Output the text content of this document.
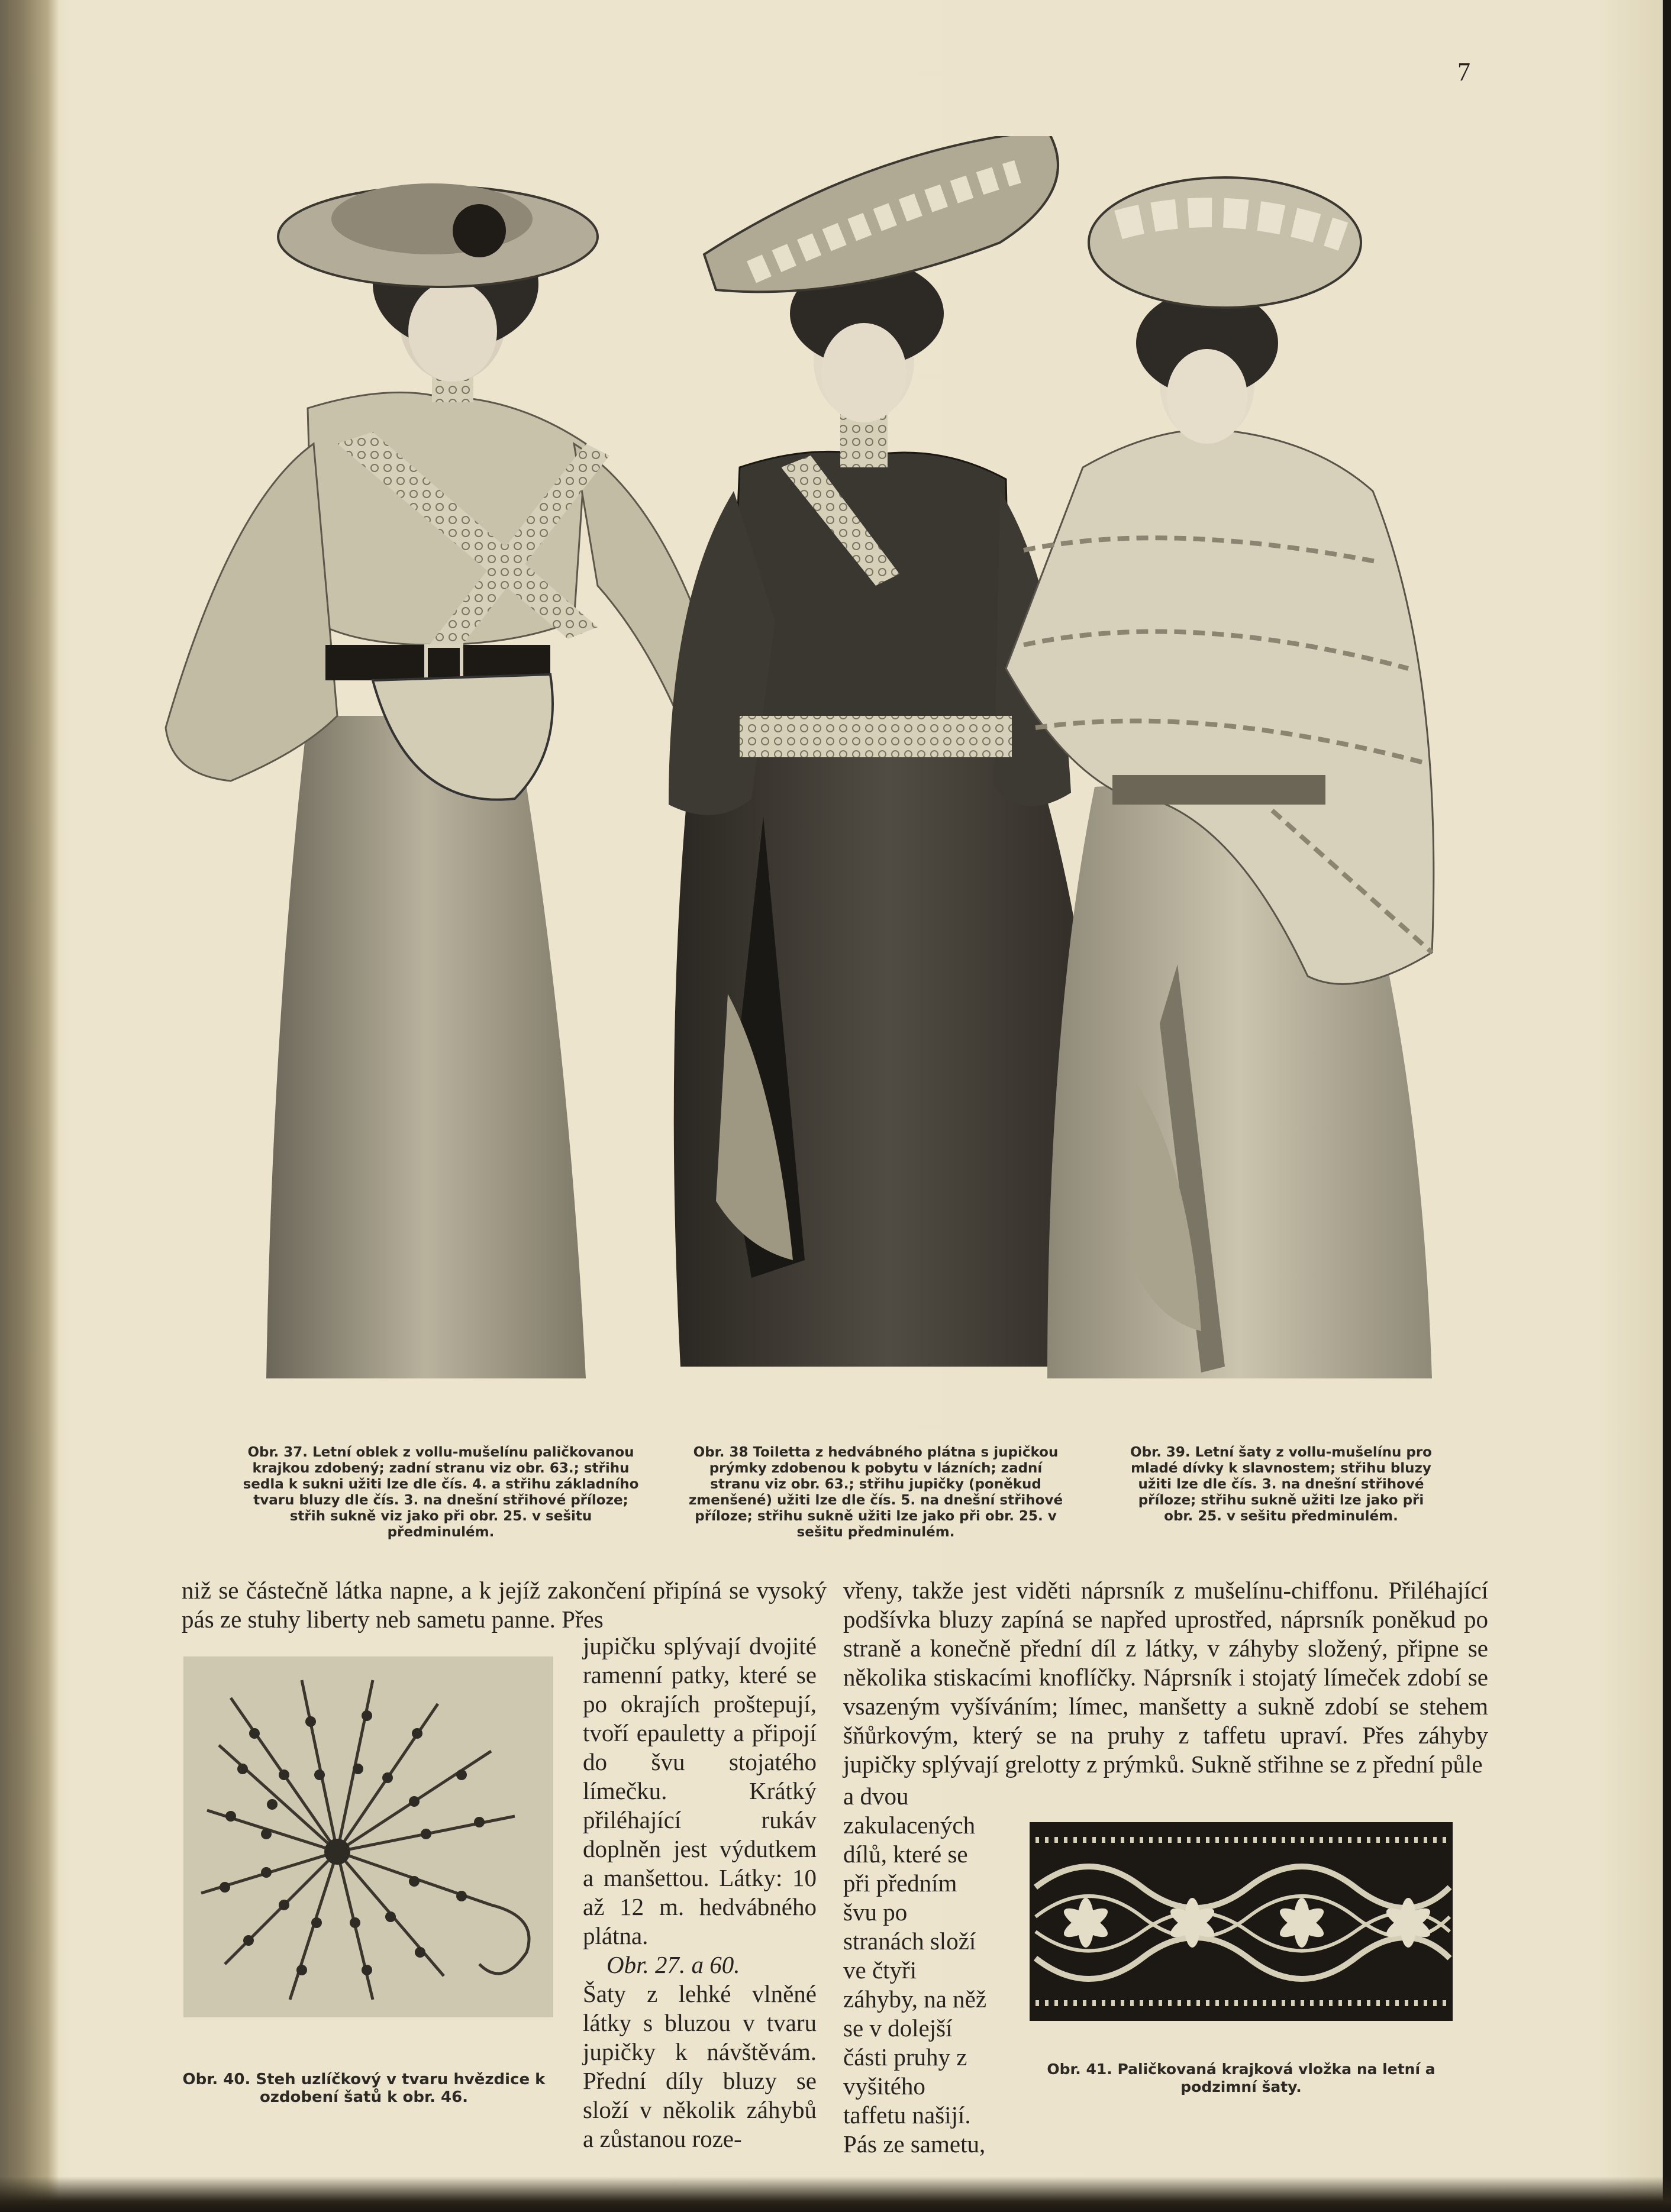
7
Obr. 37. Letní oblek z vollu-mušelínu paličkovanou krajkou zdobený; zadní stranu viz obr. 63.; střihu sedla k sukni užiti lze dle čís. 4. a střihu základního tvaru bluzy dle čís. 3. na dnešní střihové příloze; střih sukně viz jako při obr. 25. v sešitu předminulém.
Obr. 38 Toiletta z hedvábného plátna s jupičkou prýmky zdobenou k pobytu v lázních; zadní stranu viz obr. 63.; střihu jupičky (poněkud zmenšené) užiti lze dle čís. 5. na dnešní střihové příloze; střihu sukně užiti lze jako při obr. 25. v sešitu předminulém.
Obr. 39. Letní šaty z vollu-mušelínu pro mladé dívky k slavnostem; střihu bluzy užiti lze dle čís. 3. na dnešní střihové příloze; střihu sukně užiti lze jako při obr. 25. v sešitu předminulém.

niž se částečně látka napne, a k jejíž zakončení připíná se vysoký pás ze stuhy liberty neb sametu panne. Přes

jupičku splývají dvojité ramenní patky, které se po okrajích proštepují, tvoří epauletty a připojí do švu stojatého límečku. Krátký přiléhající rukáv doplněn jest výdutkem a manšettou. Látky: 10 až 12 m. hedvábného plátna.

Obr. 27. a 60.

Šaty z lehké vlněné látky s bluzou v tvaru jupičky k návštěvám. Přední díly bluzy se složí v několik záhybů a zůstanou roze-

vřeny, takže jest viděti náprsník z mušelínu-chiffonu. Přiléhající podšívka bluzy zapíná se napřed uprostřed, náprsník poněkud po straně a konečně přední díl z látky, v záhyby složený, připne se několika stiskacími knoflíčky. Náprsník i stojatý límeček zdobí se vsazeným vyšíváním; límec, manšetty a sukně zdobí se stehem šňůrkovým, který se na pruhy z taffetu upraví. Přes záhyby jupičky splývají grelotty z prýmků. Sukně střihne se z přední půle

a dvou zakulacených dílů, které se při předním švu po stranách složí ve čtyři záhyby, na něž se v dolejší části pruhy z vyšitého taffetu našijí. Pás ze sametu,

Obr. 40. Steh uzlíčkový v tvaru hvězdice k ozdobení šatů k obr. 46.
Obr. 41. Paličkovaná krajková vložka na letní a podzimní šaty.
